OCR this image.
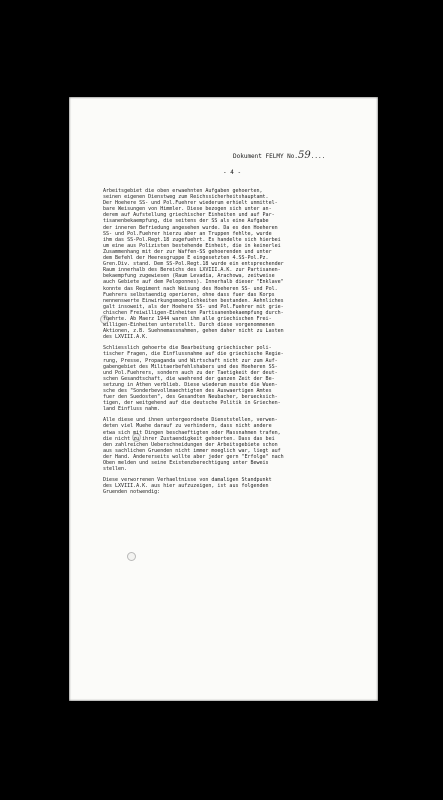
Dokument FELMY No.59....
- 4 -
Arbeitsgebiet die oben erwaehnten Aufgaben gehoerten,
seinen eigenen Dienstweg zum Reichssicherheitshauptamt.
Der Hoehere SS- und Pol.Fuehrer wiederum erhielt unmittel-
bare Weisungen von Himmler. Diese bezogen sich unter an-
derem auf Aufstellung griechischer Einheiten und auf Par-
tisanenbekaempfung, die seitens der SS als eine Aufgabe
der inneren Befriedung angesehen wurde. Da es den Hoeheren
SS- und Pol.Fuehrer hierzu aber an Truppen fehlte, wurde
ihm das SS-Pol.Regt.18 zugefuehrt. Es handelte sich hierbei
um eine aus Polizisten bestehende Einheit, die in keinerlei
Zusammenhang mit der zur Waffen-SS gehoerenden und unter
dem Befehl der Heeresgruppe E eingesetzten 4.SS-Pol.Pz.
Gren.Div. stand. Dem SS-Pol.Regt.18 wurde ein entsprechender
Raum innerhalb des Bereichs des LXVIII.A.K. zur Partisanen-
bekaempfung zugewiesen (Raum Levadia, Arachowa, zeitweise
auch Gebiete auf dem Peloponnes). Innerhalb dieser "Enklave"
konnte das Regiment nach Weisung des Hoeheren SS- und Pol.
Fuehrers selbstaendig operieren, ohne dass fuer das Korps
nennenswerte Einwirkungsmoeglichkeiten bestanden. Aehnliches
galt insoweit, als der Hoehere SS- und Pol.Fuehrer mit grie-
chischen Freiwilligen-Einheiten Partisanenbekaempfung durch-
fuehrte. Ab Maerz 1944 waren ihm alle griechischen Frei-
willigen-Einheiten unterstellt. Durch diese vorgenommenen
Aktionen, z.B. Suehnemassnahmen, gehen daher nicht zu Lasten
des LXVIII.A.K.
Schliesslich gehoerte die Bearbeitung griechischer poli-
tischer Fragen, die Einflussnahme auf die griechische Regie-
rung, Presse, Propaganda und Wirtschaft nicht zur zum Auf-
gabengebiet des Militaerbefehlshabers und des Hoeheren SS-
und Pol.Fuehrers, sondern auch zu der Taetigkeit der deut-
schen Gesandtschaft, die waehrend der ganzen Zeit der Be-
setzung in Athen verblieb. Diese wiederum musste die Wuen-
sche des "Sonderbevollmaechtigten des Auswaertigen Amtes
fuer den Suedosten", des Gesandten Neubacher, beruecksich-
tigen, der weitgehend auf die deutsche Politik in Griechen-
land Einfluss nahm.
Alle diese und ihnen untergeordnete Dienststellen, verwen-
deten viel Muehe darauf zu verhindern, dass nicht andere
etwa sich mit Dingen beschaeftigten oder Massnahmen trafen,
die nicht zu ihrer Zustaendigkeit gehoerten. Dass das bei
den zahlreichen Ueberschneidungen der Arbeitsgebiete schon
aus sachlichen Gruenden nicht immer moeglich war, liegt auf
der Hand. Andererseits wollte aber jeder gern "Erfolge" nach
Oben melden und seine Existenzberechtigung unter Beweis
stellen.
Diese verworrenen Verhaeltnisse von damaligen Standpunkt
des LXVIII.A.K. aus hier aufzuzeigen, ist aus folgenden
Gruenden notwendig:
